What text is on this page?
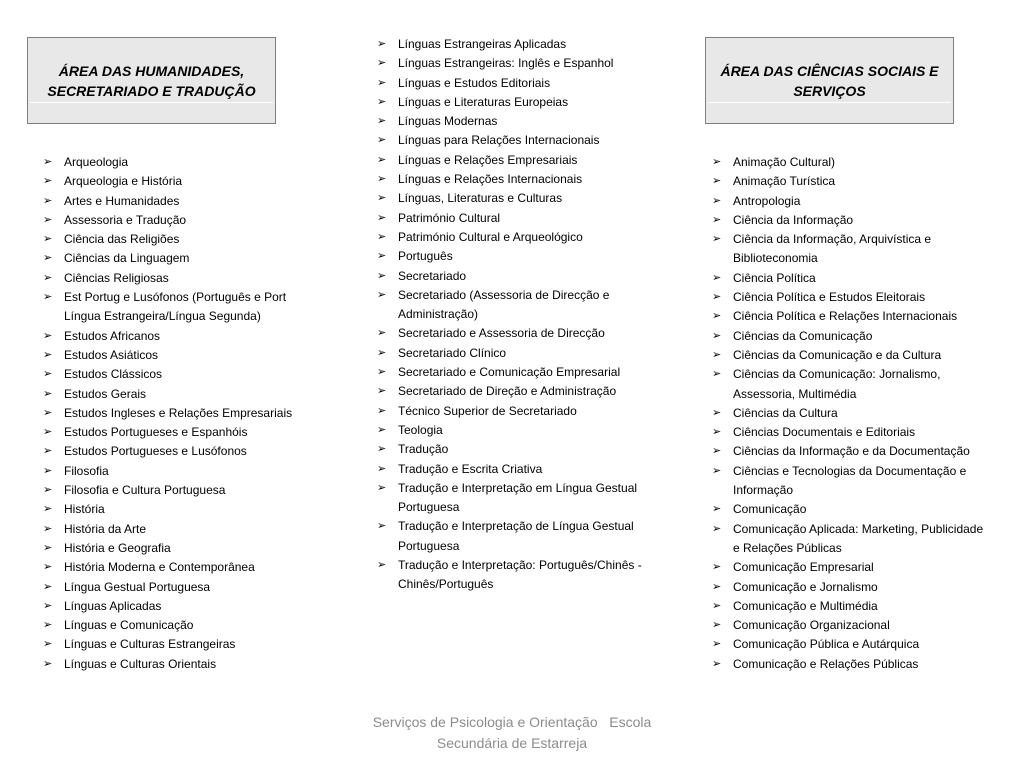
ÁREA DAS HUMANIDADES, SECRETARIADO E TRADUÇÃO
ÁREA DAS CIÊNCIAS SOCIAIS E SERVIÇOS
➢ Arqueologia
➢ Arqueologia e História
➢ Artes e Humanidades
➢ Assessoria e Tradução
➢ Ciência das Religiões
➢ Ciências da Linguagem
➢ Ciências Religiosas
➢ Est Portug e Lusófonos (Português e Port Língua Estrangeira/Língua Segunda)
➢ Estudos Africanos
➢ Estudos Asiáticos
➢ Estudos Clássicos
➢ Estudos Gerais
➢ Estudos Ingleses e Relações Empresariais
➢ Estudos Portugueses e Espanhóis
➢ Estudos Portugueses e Lusófonos
➢ Filosofia
➢ Filosofia e Cultura Portuguesa
➢ História
➢ História da Arte
➢ História e Geografia
➢ História Moderna e Contemporânea
➢ Língua Gestual Portuguesa
➢ Línguas Aplicadas
➢ Línguas e Comunicação
➢ Línguas e Culturas Estrangeiras
➢ Línguas e Culturas Orientais
➢ Línguas Estrangeiras Aplicadas
➢ Línguas Estrangeiras: Inglês e Espanhol
➢ Línguas e Estudos Editoriais
➢ Línguas e Literaturas Europeias
➢ Línguas Modernas
➢ Línguas para Relações Internacionais
➢ Línguas e Relações Empresariais
➢ Línguas e Relações Internacionais
➢ Línguas, Literaturas e Culturas
➢ Património Cultural
➢ Património Cultural e Arqueológico
➢ Português
➢ Secretariado
➢ Secretariado (Assessoria de Direcção e Administração)
➢ Secretariado e Assessoria de Direcção
➢ Secretariado Clínico
➢ Secretariado e Comunicação Empresarial
➢ Secretariado de Direção e Administração
➢ Técnico Superior de Secretariado
➢ Teologia
➢ Tradução
➢ Tradução e Escrita Criativa
➢ Tradução e Interpretação em Língua Gestual Portuguesa
➢ Tradução e Interpretação de Língua Gestual Portuguesa
➢ Tradução e Interpretação: Português/Chinês - Chinês/Português
➢ Animação Cultural)
➢ Animação Turística
➢ Antropologia
➢ Ciência da Informação
➢ Ciência da Informação, Arquivística e Biblioteconomia
➢ Ciência Política
➢ Ciência Política e Estudos Eleitorais
➢ Ciência Política e Relações Internacionais
➢ Ciências da Comunicação
➢ Ciências da Comunicação e da Cultura
➢ Ciências da Comunicação: Jornalismo, Assessoria, Multimédia
➢ Ciências da Cultura
➢ Ciências Documentais e Editoriais
➢ Ciências da Informação e da Documentação
➢ Ciências e Tecnologias da Documentação e Informação
➢ Comunicação
➢ Comunicação Aplicada: Marketing, Publicidade e Relações Públicas
➢ Comunicação Empresarial
➢ Comunicação e Jornalismo
➢ Comunicação e Multimédia
➢ Comunicação Organizacional
➢ Comunicação Pública e Autárquica
➢ Comunicação e Relações Públicas
Serviços de Psicologia e Orientação   Escola
Secundária de Estarreja
